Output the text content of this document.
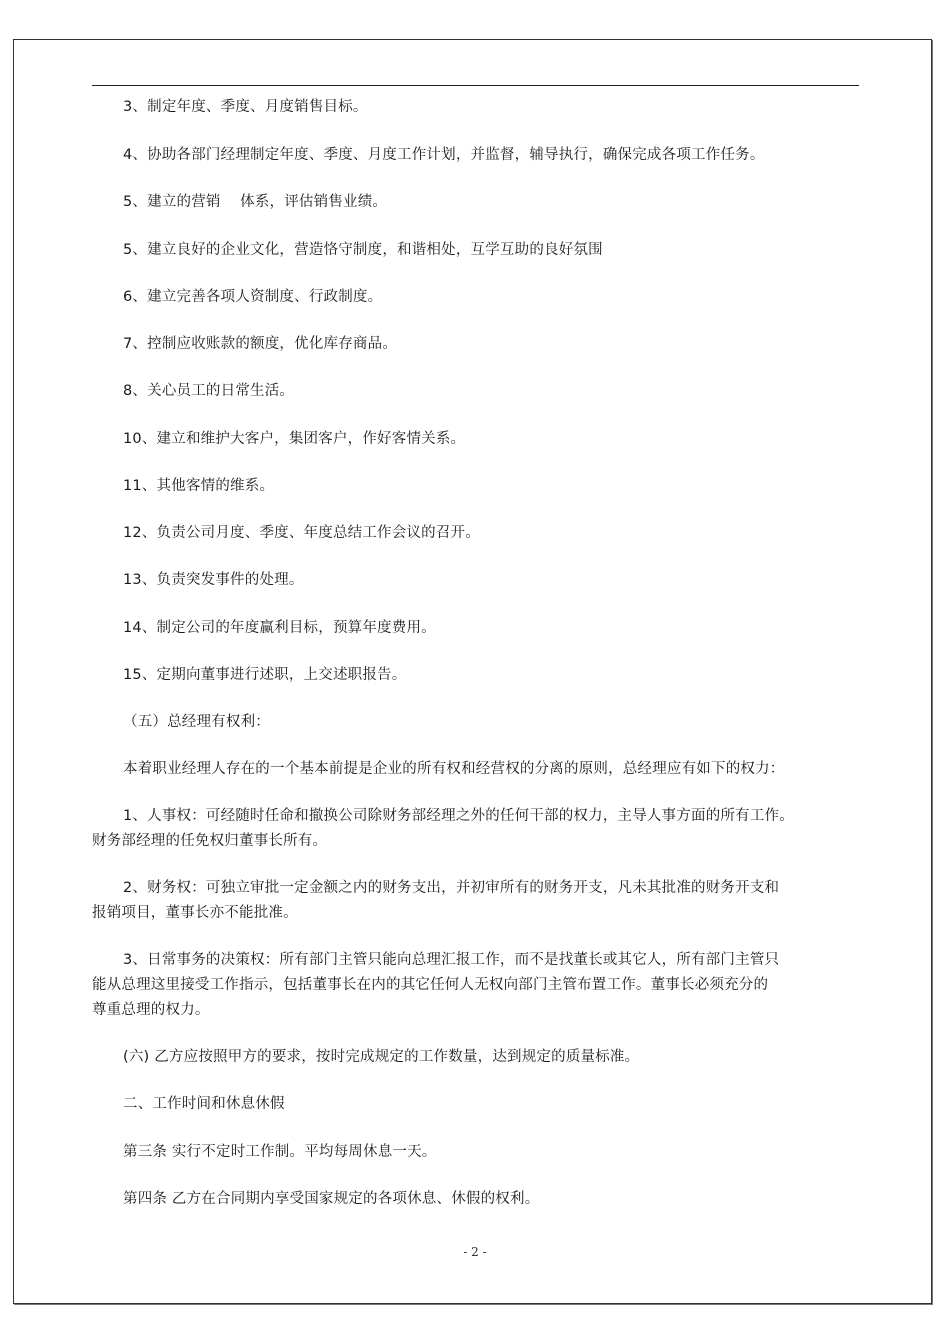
3、制定年度、季度、月度销售目标。
4、协助各部门经理制定年度、季度、月度工作计划，并监督，辅导执行，确保完成各项工作任务。
5、建立的营销　 体系，评估销售业绩。
5、建立良好的企业文化，营造恪守制度，和谐相处，互学互助的良好氛围
6、建立完善各项人资制度、行政制度。
7、控制应收账款的额度，优化库存商品。
8、关心员工的日常生活。
10、建立和维护大客户，集团客户，作好客情关系。
11、其他客情的维系。
12、负责公司月度、季度、年度总结工作会议的召开。
13、负责突发事件的处理。
14、制定公司的年度赢利目标，预算年度费用。
15、定期向董事进行述职，上交述职报告。
（五）总经理有权利：
本着职业经理人存在的一个基本前提是企业的所有权和经营权的分离的原则，总经理应有如下的权力：
1、人事权：可经随时任命和撤换公司除财务部经理之外的任何干部的权力，主导人事方面的所有工作。
财务部经理的任免权归董事长所有。
2、财务权：可独立审批一定金额之内的财务支出，并初审所有的财务开支，凡未其批准的财务开支和
报销项目，董事长亦不能批准。
3、日常事务的决策权：所有部门主管只能向总理汇报工作，而不是找董长或其它人，所有部门主管只
能从总理这里接受工作指示，包括董事长在内的其它任何人无权向部门主管布置工作。董事长必须充分的
尊重总理的权力。
(六) 乙方应按照甲方的要求，按时完成规定的工作数量，达到规定的质量标准。
二、工作时间和休息休假
第三条 实行不定时工作制。平均每周休息一天。
第四条 乙方在合同期内享受国家规定的各项休息、休假的权利。
- 2 -
